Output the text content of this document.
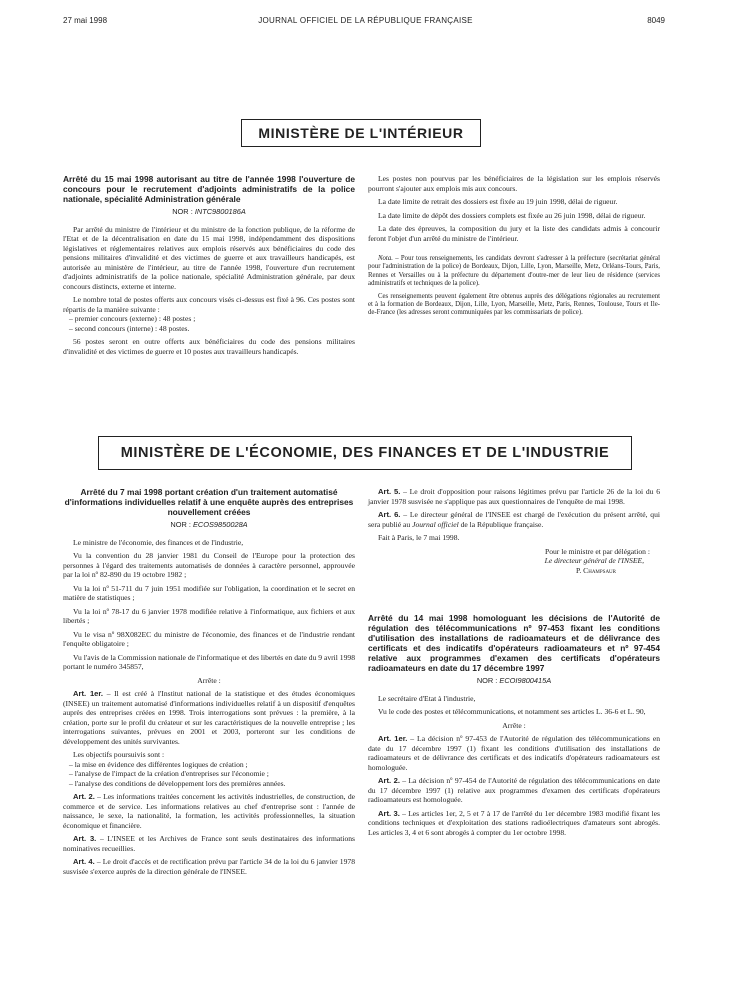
27 mai 1998	JOURNAL OFFICIEL DE LA RÉPUBLIQUE FRANÇAISE	8049
MINISTÈRE DE L'INTÉRIEUR
Arrêté du 15 mai 1998 autorisant au titre de l'année 1998 l'ouverture de concours pour le recrutement d'adjoints administratifs de la police nationale, spécialité Administration générale
NOR : INTC9800186A

Par arrêté du ministre de l'intérieur et du ministre de la fonction publique, de la réforme de l'Etat et de la décentralisation en date du 15 mai 1998, indépendamment des dispositions législatives et réglementaires relatives aux emplois réservés aux bénéficiaires du code des pensions militaires d'invalidité et des victimes de guerre et aux travailleurs handicapés, est autorisée au ministère de l'intérieur, au titre de l'année 1998, l'ouverture d'un recrutement d'adjoints administratifs de la police nationale, spécialité Administration générale, par deux concours distincts, externe et interne.

Le nombre total de postes offerts aux concours visés ci-dessus est fixé à 96. Ces postes sont répartis de la manière suivante :

– premier concours (externe) : 48 postes ;
– second concours (interne) : 48 postes.

56 postes seront en outre offerts aux bénéficiaires du code des pensions militaires d'invalidité et des victimes de guerre et 10 postes aux travailleurs handicapés.

Les postes non pourvus par les bénéficiaires de la législation sur les emplois réservés pourront s'ajouter aux emplois mis aux concours.

La date limite de retrait des dossiers est fixée au 19 juin 1998, délai de rigueur.

La date limite de dépôt des dossiers complets est fixée au 26 juin 1998, délai de rigueur.

La date des épreuves, la composition du jury et la liste des candidats admis à concourir feront l'objet d'un arrêté du ministre de l'intérieur.

Nota. – Pour tous renseignements, les candidats devront s'adresser à la préfecture (secrétariat général pour l'administration de la police) de Bordeaux, Dijon, Lille, Lyon, Marseille, Metz, Orléans-Tours, Paris, Rennes et Versailles ou à la préfecture du département d'outre-mer de leur lieu de résidence (services administratifs et techniques de la police).

Ces renseignements peuvent également être obtenus auprès des délégations régionales au recrutement et à la formation de Bordeaux, Dijon, Lille, Lyon, Marseille, Metz, Paris, Rennes, Toulouse, Tours et Ile-de-France (les adresses seront communiquées par les commissariats de police).

MINISTÈRE DE L'ÉCONOMIE, DES FINANCES ET DE L'INDUSTRIE
Arrêté du 7 mai 1998 portant création d'un traitement automatisé d'informations individuelles relatif à une enquête auprès des entreprises nouvellement créées
NOR : ECOS9850028A

Le ministre de l'économie, des finances et de l'industrie,

Vu la convention du 28 janvier 1981 du Conseil de l'Europe pour la protection des personnes à l'égard des traitements automatisés de données à caractère personnel, approuvée par la loi nº 82-890 du 19 octobre 1982 ;

Vu la loi nº 51-711 du 7 juin 1951 modifiée sur l'obligation, la coordination et le secret en matière de statistiques ;

Vu la loi nº 78-17 du 6 janvier 1978 modifiée relative à l'informatique, aux fichiers et aux libertés ;

Vu le visa nº 98X082EC du ministre de l'économie, des finances et de l'industrie rendant l'enquête obligatoire ;

Vu l'avis de la Commission nationale de l'informatique et des libertés en date du 9 avril 1998 portant le numéro 345857,

Arrête :

Art. 1er. – Il est créé à l'Institut national de la statistique et des études économiques (INSEE) un traitement automatisé d'informations individuelles relatif à un dispositif d'enquêtes auprès des entreprises créées en 1998. Trois interrogations sont prévues : la première, à la création, porte sur le profil du créateur et sur les caractéristiques de la nouvelle entreprise ; les interrogations suivantes, prévues en 2001 et 2003, porteront sur les conditions de développement des unités survivantes.

Les objectifs poursuivis sont :

– la mise en évidence des différentes logiques de création ;
– l'analyse de l'impact de la création d'entreprises sur l'économie ;
– l'analyse des conditions de développement lors des premières années.

Art. 2. – Les informations traitées concernent les activités industrielles, de construction, de commerce et de service. Les informations relatives au chef d'entreprise sont : l'année de naissance, le sexe, la nationalité, la formation, les activités professionnelles, la situation économique et financière.

Art. 3. – L'INSEE et les Archives de France sont seuls destinataires des informations nominatives recueillies.

Art. 4. – Le droit d'accès et de rectification prévu par l'article 34 de la loi du 6 janvier 1978 susvisée s'exerce auprès de la direction générale de l'INSEE.

Art. 5. – Le droit d'opposition pour raisons légitimes prévu par l'article 26 de la loi du 6 janvier 1978 susvisée ne s'applique pas aux questionnaires de l'enquête de mai 1998.

Art. 6. – Le directeur général de l'INSEE est chargé de l'exécution du présent arrêté, qui sera publié au Journal officiel de la République française.

Fait à Paris, le 7 mai 1998.

Pour le ministre et par délégation :

Le directeur général de l'INSEE,

P. Champsaur

Arrêté du 14 mai 1998 homologuant les décisions de l'Autorité de régulation des télécommunications nº 97-453 fixant les conditions d'utilisation des installations de radioamateurs et de délivrance des certificats et des indicatifs d'opérateurs radioamateurs et nº 97-454 relative aux programmes d'examen des certificats d'opérateurs radioamateurs en date du 17 décembre 1997
NOR : ECOI9800415A

Le secrétaire d'Etat à l'industrie,

Vu le code des postes et télécommunications, et notamment ses articles L. 36-6 et L. 90,

Arrête :

Art. 1er. – La décision nº 97-453 de l'Autorité de régulation des télécommunications en date du 17 décembre 1997 (1) fixant les conditions d'utilisation des installations de radioamateurs et de délivrance des certificats et des indicatifs d'opérateurs radioamateurs est homologuée.

Art. 2. – La décision nº 97-454 de l'Autorité de régulation des télécommunications en date du 17 décembre 1997 (1) relative aux programmes d'examen des certificats d'opérateurs radioamateurs est homologuée.

Art. 3. – Les articles 1er, 2, 5 et 7 à 17 de l'arrêté du 1er décembre 1983 modifié fixant les conditions techniques et d'exploitation des stations radioélectriques d'amateurs sont abrogés. Les articles 3, 4 et 6 sont abrogés à compter du 1er octobre 1998.
